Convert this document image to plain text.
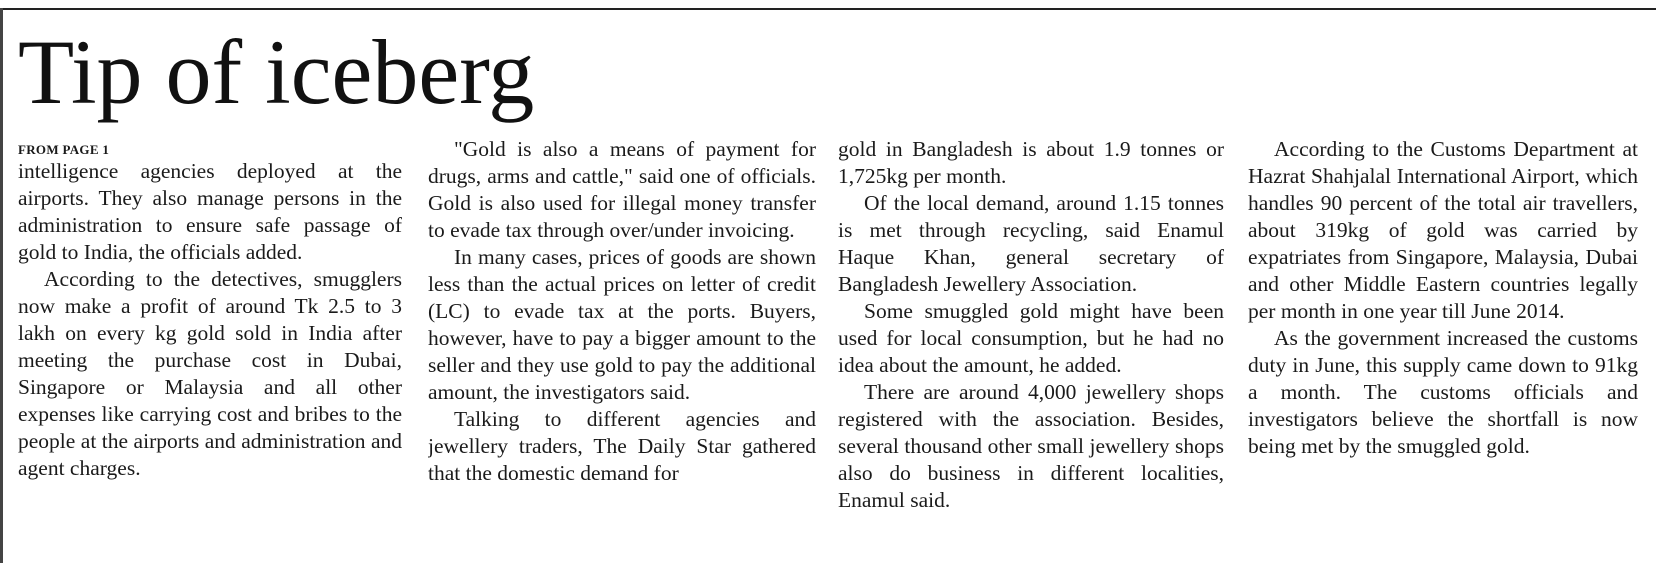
Tip of iceberg
FROM PAGE 1

intelligence agencies deployed at the airports. They also manage persons in the administration to ensure safe passage of gold to India, the officials added.

According to the detectives, smugglers now make a profit of around Tk 2.5 to 3 lakh on every kg gold sold in India after meeting the purchase cost in Dubai, Singapore or Malaysia and all other expenses like carrying cost and bribes to the people at the airports and administration and agent charges.

"Gold is also a means of payment for drugs, arms and cattle," said one of officials. Gold is also used for illegal money transfer to evade tax through over/under invoicing.

In many cases, prices of goods are shown less than the actual prices on letter of credit (LC) to evade tax at the ports. Buyers, however, have to pay a bigger amount to the seller and they use gold to pay the additional amount, the investigators said.

Talking to different agencies and jewellery traders, The Daily Star gathered that the domestic demand for

gold in Bangladesh is about 1.9 tonnes or 1,725kg per month.

Of the local demand, around 1.15 tonnes is met through recycling, said Enamul Haque Khan, general secretary of Bangladesh Jewellery Association.

Some smuggled gold might have been used for local consumption, but he had no idea about the amount, he added.

There are around 4,000 jewellery shops registered with the association. Besides, several thousand other small jewellery shops also do business in different localities, Enamul said.

According to the Customs Department at Hazrat Shahjalal International Airport, which handles 90 percent of the total air travellers, about 319kg of gold was carried by expatriates from Singapore, Malaysia, Dubai and other Middle Eastern countries legally per month in one year till June 2014.

As the government increased the customs duty in June, this supply came down to 91kg a month. The customs officials and investigators believe the shortfall is now being met by the smuggled gold.
